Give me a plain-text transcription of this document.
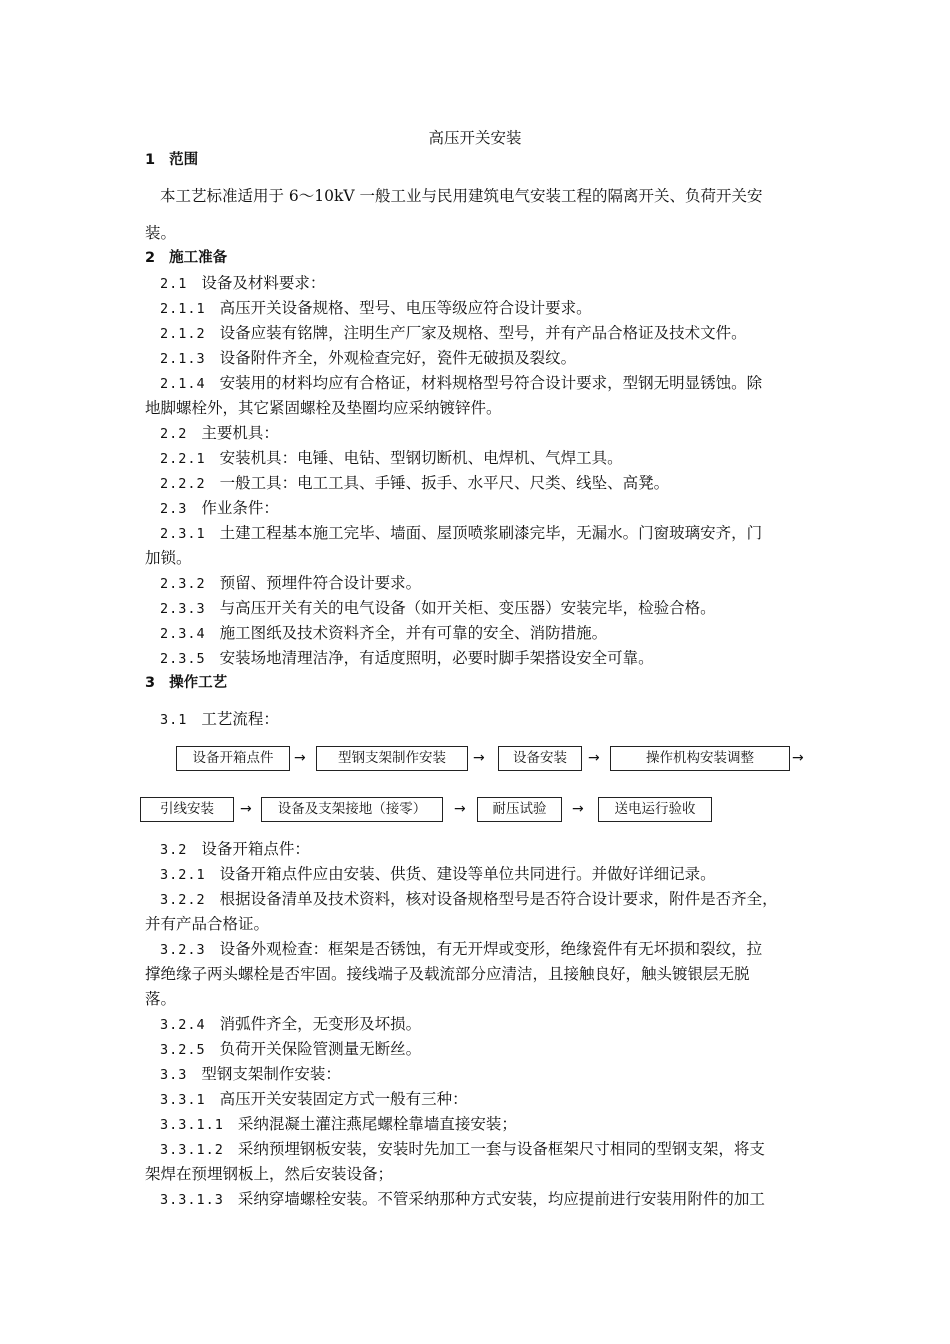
高压开关安装
1 范围
本工艺标准适用于 6～10kV 一般工业与民用建筑电气安装工程的隔离开关、负荷开关安
装。
2 施工准备
2.1 设备及材料要求：
2.1.1 高压开关设备规格、型号、电压等级应符合设计要求。
2.1.2 设备应装有铭牌，注明生产厂家及规格、型号，并有产品合格证及技术文件。
2.1.3 设备附件齐全，外观检查完好，瓷件无破损及裂纹。
2.1.4 安装用的材料均应有合格证，材料规格型号符合设计要求，型钢无明显锈蚀。除
地脚螺栓外，其它紧固螺栓及垫圈均应采纳镀锌件。
2.2 主要机具：
2.2.1 安装机具：电锤、电钻、型钢切断机、电焊机、气焊工具。
2.2.2 一般工具：电工工具、手锤、扳手、水平尺、尺类、线坠、高凳。
2.3 作业条件：
2.3.1 土建工程基本施工完毕、墙面、屋顶喷浆刷漆完毕，无漏水。门窗玻璃安齐，门
加锁。
2.3.2 预留、预埋件符合设计要求。
2.3.3 与高压开关有关的电气设备（如开关柜、变压器）安装完毕，检验合格。
2.3.4 施工图纸及技术资料齐全，并有可靠的安全、消防措施。
2.3.5 安装场地清理洁净，有适度照明，必要时脚手架搭设安全可靠。
3 操作工艺
3.1 工艺流程：
设备开箱点件	→	型钢支架制作安装	→	设备安装	→	操作机构安装调整	→
引线安装	→	设备及支架接地（接零）	→	耐压试验	→	送电运行验收
3.2 设备开箱点件：
3.2.1 设备开箱点件应由安装、供货、建设等单位共同进行。并做好详细记录。
3.2.2 根据设备清单及技术资料，核对设备规格型号是否符合设计要求，附件是否齐全，
并有产品合格证。
3.2.3 设备外观检查：框架是否锈蚀，有无开焊或变形，绝缘瓷件有无坏损和裂纹，拉
撑绝缘子两头螺栓是否牢固。接线端子及载流部分应清洁，且接触良好，触头镀银层无脱
落。
3.2.4 消弧件齐全，无变形及坏损。
3.2.5 负荷开关保险管测量无断丝。
3.3 型钢支架制作安装：
3.3.1 高压开关安装固定方式一般有三种：
3.3.1.1 采纳混凝土灌注燕尾螺栓靠墙直接安装；
3.3.1.2 采纳预埋钢板安装，安装时先加工一套与设备框架尺寸相同的型钢支架，将支
架焊在预埋钢板上，然后安装设备；
3.3.1.3 采纳穿墙螺栓安装。不管采纳那种方式安装，均应提前进行安装用附件的加工
